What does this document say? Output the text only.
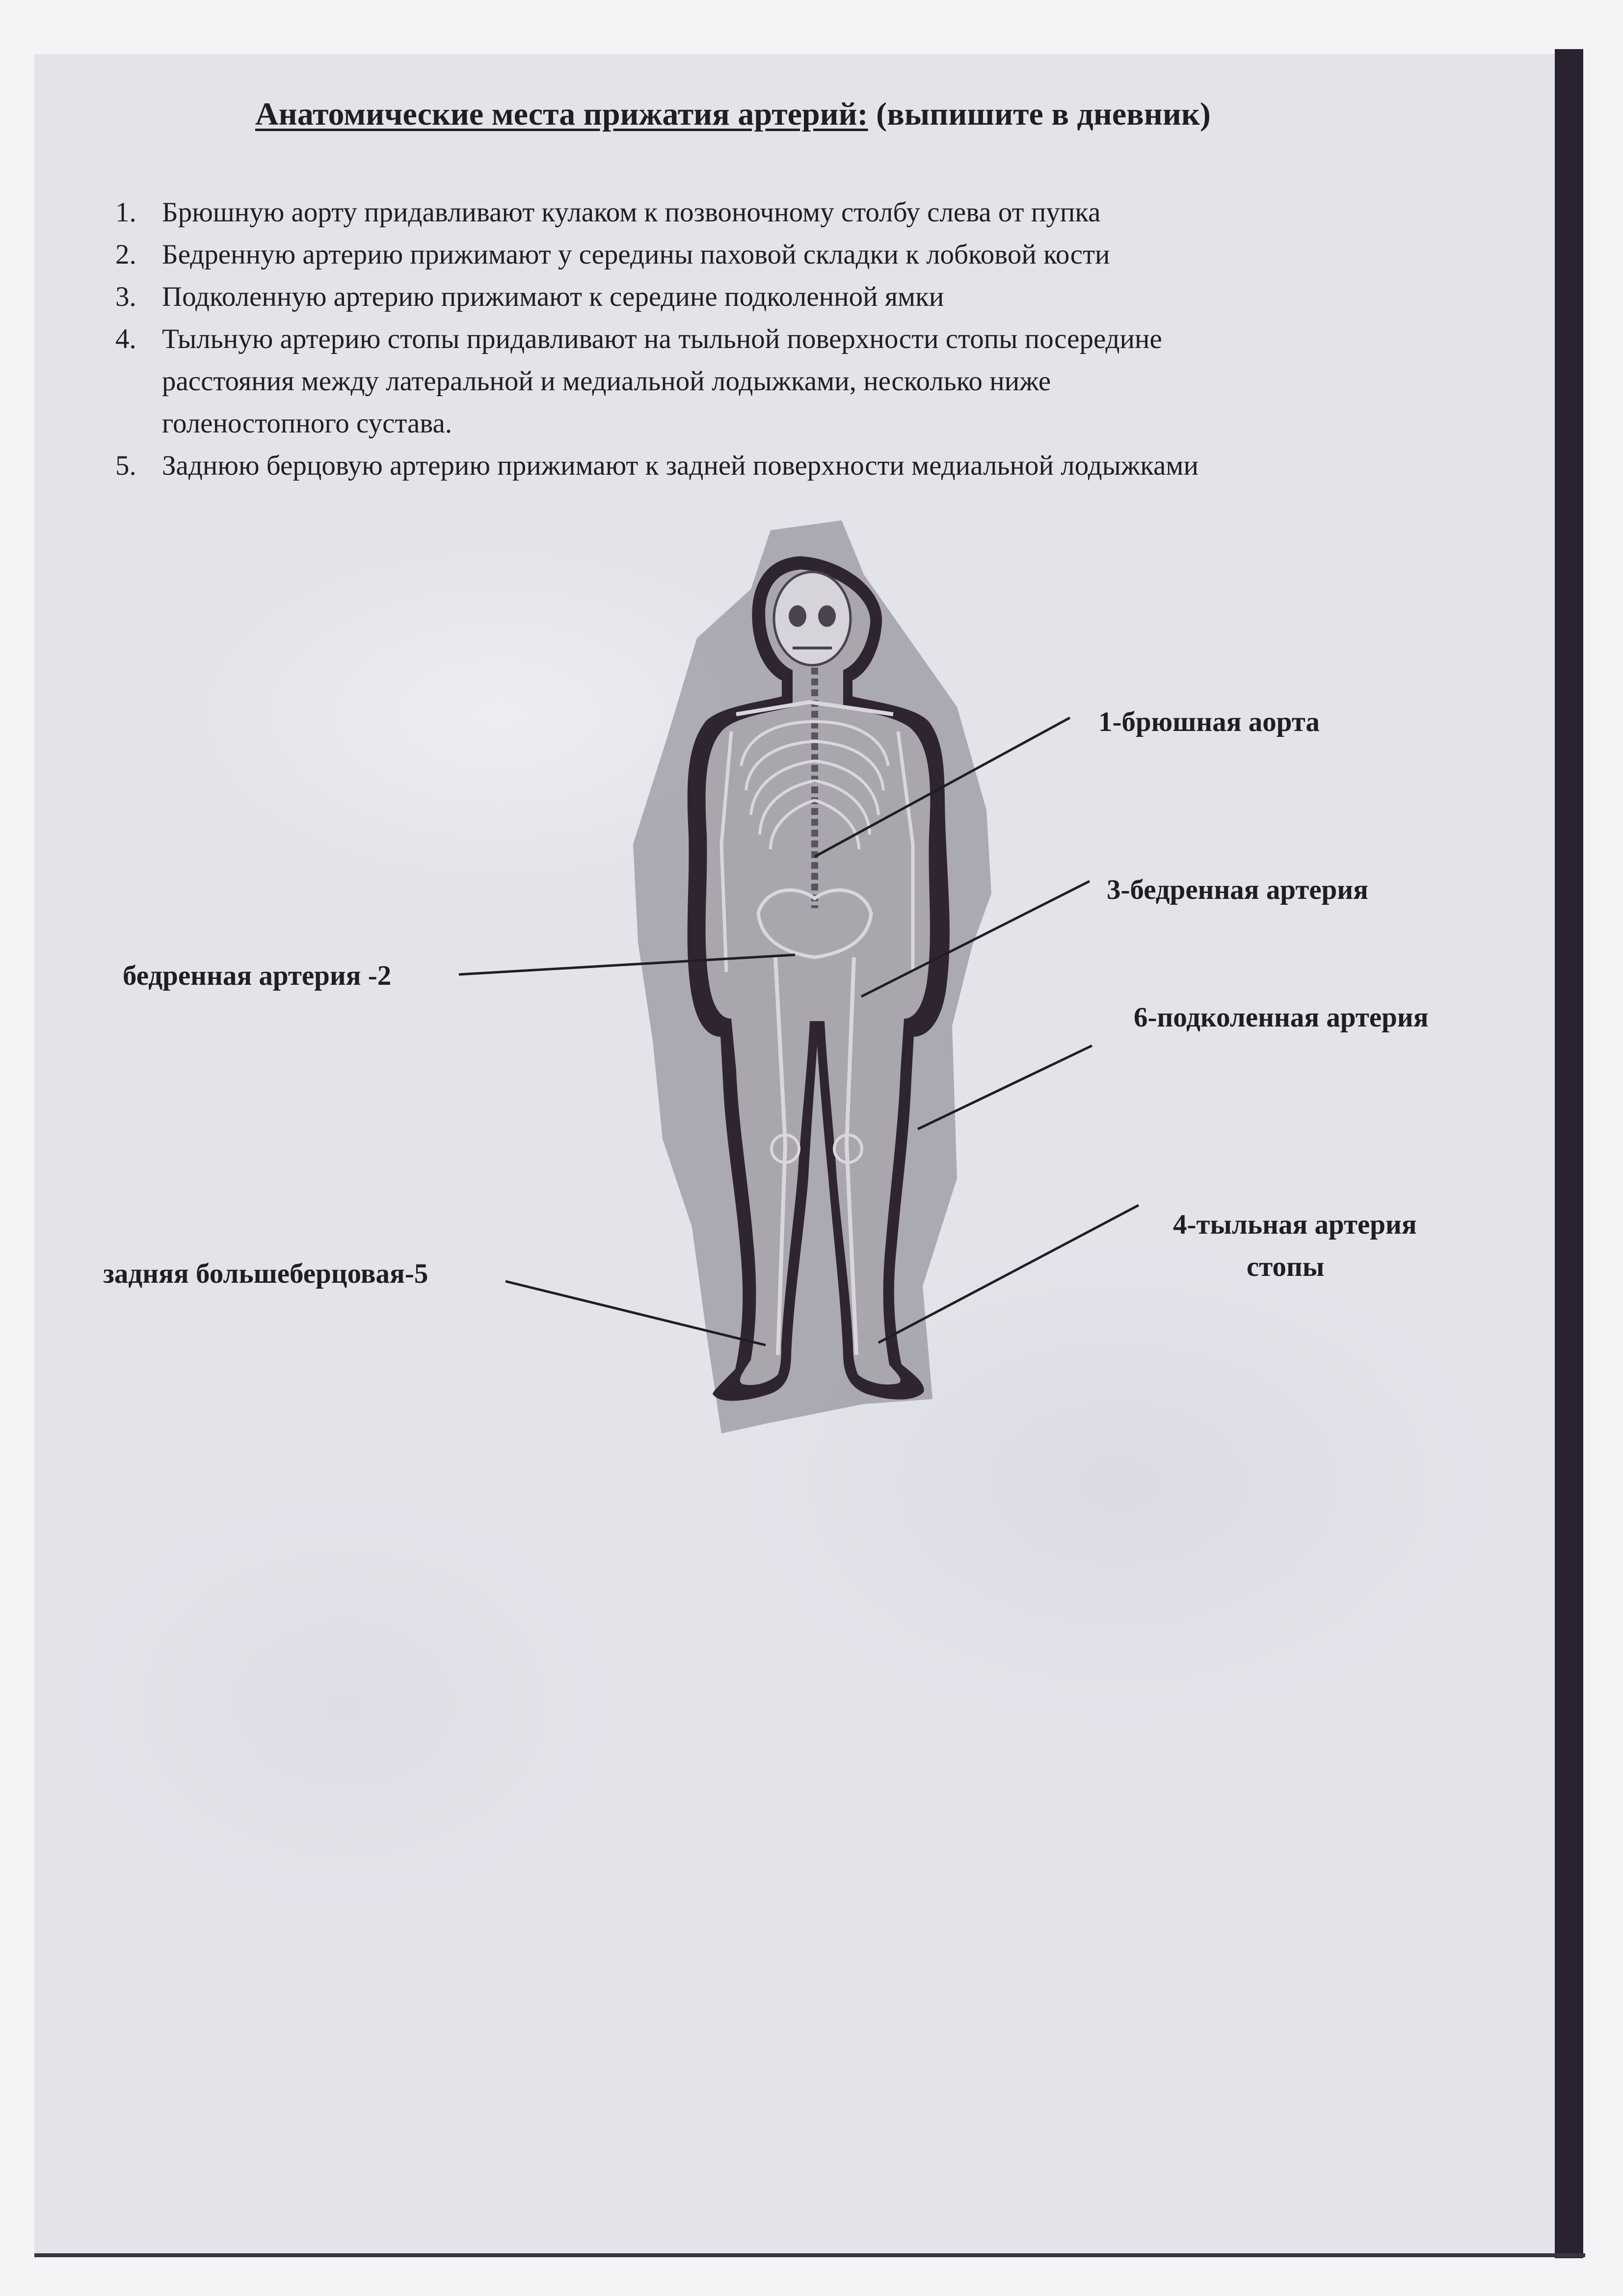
Анатомические места прижатия артерий: (выпишите в дневник)
1. Брюшную аорту придавливают кулаком к позвоночному столбу слева от пупка
2. Бедренную артерию прижимают у середины паховой складки к лобковой кости
3. Подколенную артерию прижимают к середине подколенной ямки
4. Тыльную артерию стопы придавливают на тыльной поверхности стопы посередине
расстояния между латеральной и медиальной лодыжками, несколько ниже
голеностопного сустава.
5. Заднюю берцовую артерию прижимают к задней поверхности медиальной лодыжками
1-брюшная аорта
3-бедренная артерия
бедренная артерия -2
6-подколенная артерия
4-тыльная артерия
стопы
задняя большеберцовая-5
